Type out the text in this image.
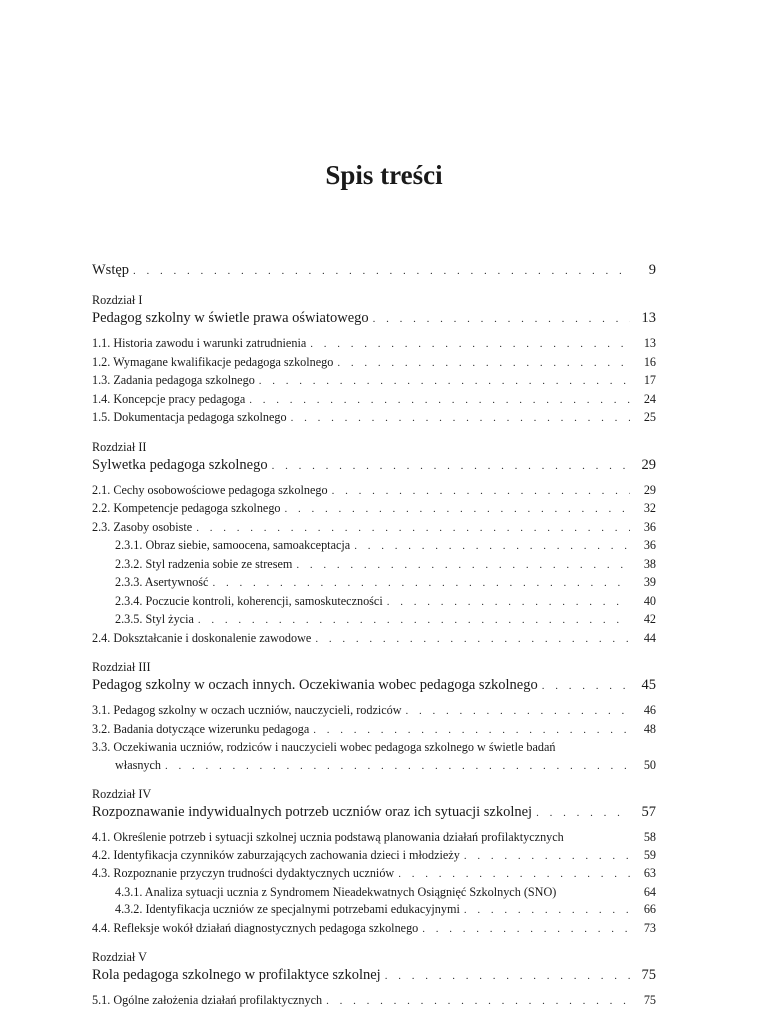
Spis treści
Wstęp . . .	9
Rozdział I
Pedagog szkolny w świetle prawa oświatowego . . .	13
1.1. Historia zawodu i warunki zatrudnienia . . .	13
1.2. Wymagane kwalifikacje pedagoga szkolnego . . .	16
1.3. Zadania pedagoga szkolnego . . .	17
1.4. Koncepcje pracy pedagoga . . .	24
1.5. Dokumentacja pedagoga szkolnego . . .	25
Rozdział II
Sylwetka pedagoga szkolnego . . .	29
2.1. Cechy osobowościowe pedagoga szkolnego . . .	29
2.2. Kompetencje pedagoga szkolnego . . .	32
2.3. Zasoby osobiste . . .	36
2.3.1. Obraz siebie, samoocena, samoakceptacja . . .	36
2.3.2. Styl radzenia sobie ze stresem . . .	38
2.3.3. Asertywność . . .	39
2.3.4. Poczucie kontroli, koherencji, samoskuteczności . . .	40
2.3.5. Styl życia . . .	42
2.4. Dokształcanie i doskonalenie zawodowe . . .	44
Rozdział III
Pedagog szkolny w oczach innych. Oczekiwania wobec pedagoga szkolnego . . .	45
3.1. Pedagog szkolny w oczach uczniów, nauczycieli, rodziców . . .	46
3.2. Badania dotyczące wizerunku pedagoga . . .	48
3.3. Oczekiwania uczniów, rodziców i nauczycieli wobec pedagoga szkolnego w świetle badań
własnych . . .	50
Rozdział IV
Rozpoznawanie indywidualnych potrzeb uczniów oraz ich sytuacji szkolnej . . .	57
4.1. Określenie potrzeb i sytuacji szkolnej ucznia podstawą planowania działań profilaktycznych	58
4.2. Identyfikacja czynników zaburzających zachowania dzieci i młodzieży . . .	59
4.3. Rozpoznanie przyczyn trudności dydaktycznych uczniów . . .	63
4.3.1. Analiza sytuacji ucznia z Syndromem Nieadekwatnych Osiągnięć Szkolnych (SNO)	64
4.3.2. Identyfikacja uczniów ze specjalnymi potrzebami edukacyjnymi . . .	66
4.4. Refleksje wokół działań diagnostycznych pedagoga szkolnego . . .	73
Rozdział V
Rola pedagoga szkolnego w profilaktyce szkolnej . . .	75
5.1. Ogólne założenia działań profilaktycznych . . .	75
